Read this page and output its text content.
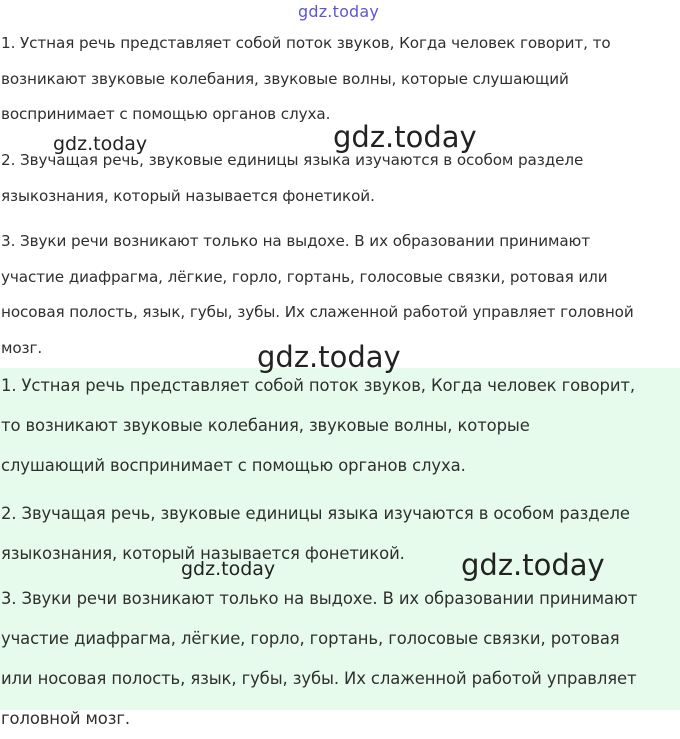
1. Устная речь представляет собой поток звуков, Когда человек говорит, то
возникают звуковые колебания, звуковые волны, которые слушающий
воспринимает с помощью органов слуха.
2. Звучащая речь, звуковые единицы языка изучаются в особом разделе
языкознания, который называется фонетикой.
3. Звуки речи возникают только на выдохе. В их образовании принимают
участие диафрагма, лёгкие, горло, гортань, голосовые связки, ротовая или
носовая полость, язык, губы, зубы. Их слаженной работой управляет головной
мозг.
1. Устная речь представляет собой поток звуков, Когда человек говорит,
то возникают звуковые колебания, звуковые волны, которые
слушающий воспринимает с помощью органов слуха.
2. Звучащая речь, звуковые единицы языка изучаются в особом разделе
языкознания, который называется фонетикой.
3. Звуки речи возникают только на выдохе. В их образовании принимают
участие диафрагма, лёгкие, горло, гортань, голосовые связки, ротовая
или носовая полость, язык, губы, зубы. Их слаженной работой управляет
головной мозг.
gdz.today
gdz.today	gdz.today
gdz.today
gdz.today	gdz.today
